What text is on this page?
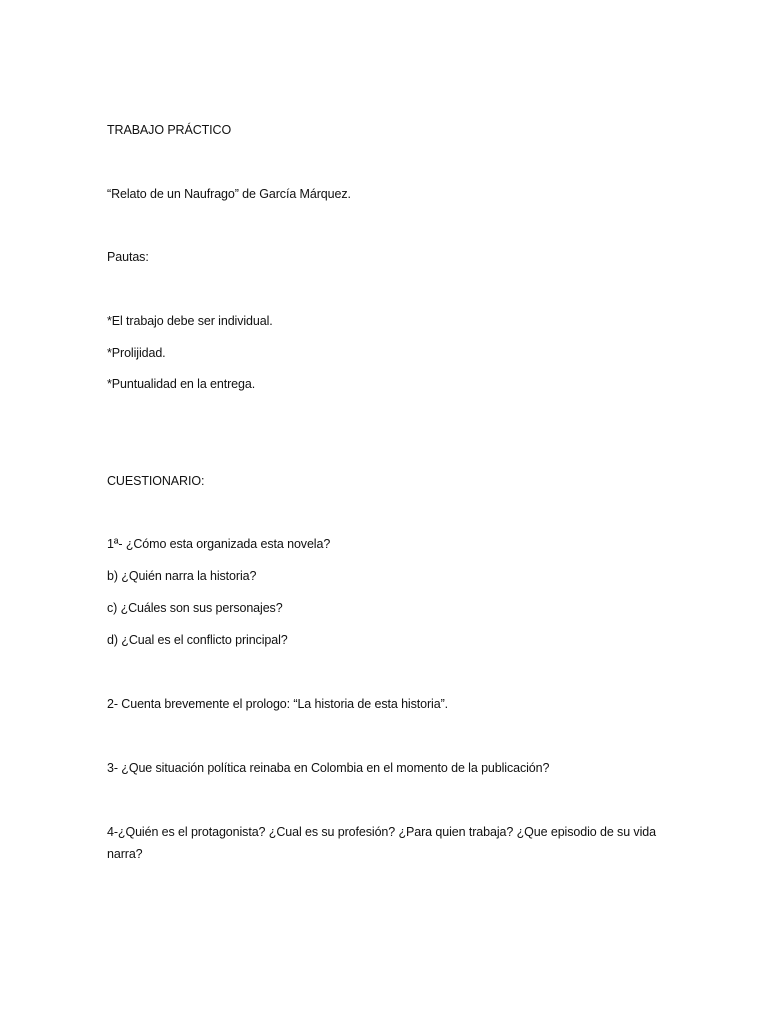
TRABAJO PRÁCTICO
“Relato de un Naufrago” de García Márquez.
Pautas:
*El trabajo debe ser individual.
*Prolijidad.
*Puntualidad en la entrega.
CUESTIONARIO:
1ª- ¿Cómo esta organizada esta novela?
b) ¿Quién narra la historia?
c) ¿Cuáles son sus personajes?
d) ¿Cual es el conflicto principal?
2- Cuenta brevemente el prologo: “La historia de esta historia”.
3- ¿Que situación política reinaba en Colombia en el momento de la publicación?
4-¿Quién es el protagonista? ¿Cual es su profesión? ¿Para quien trabaja? ¿Que episodio de su vida narra?
